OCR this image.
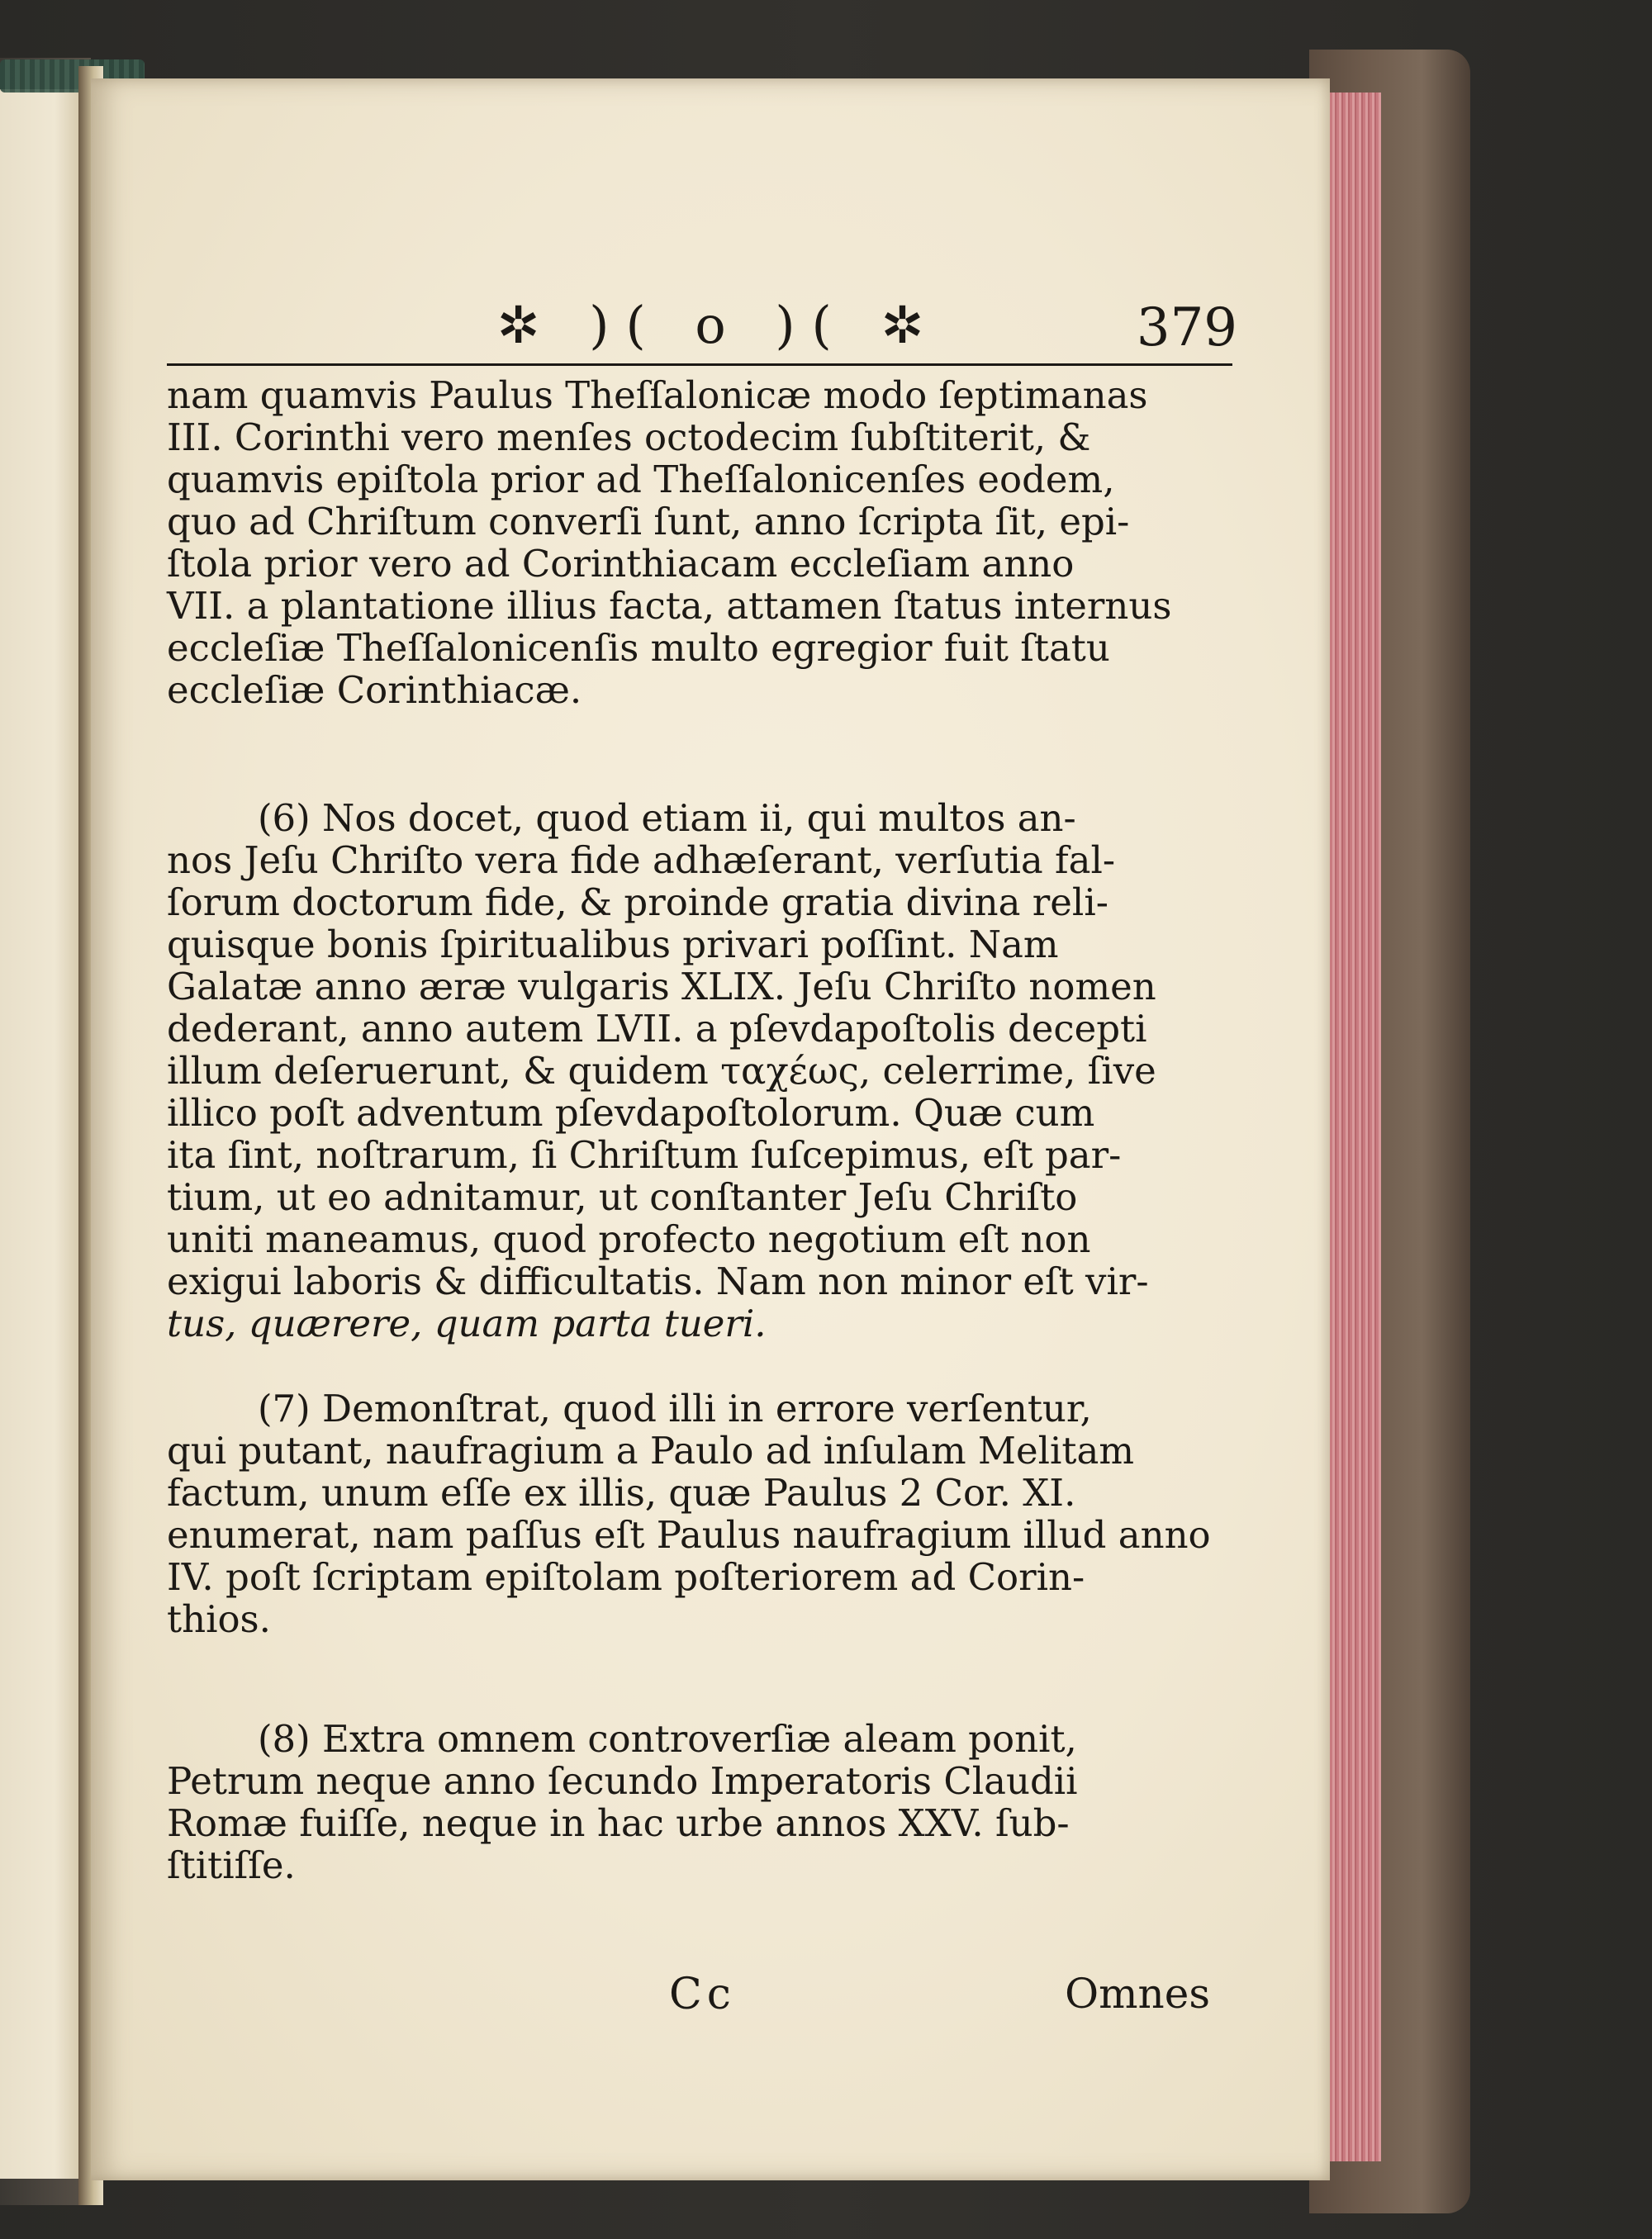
✲ )( o )( ✲	379

nam quamvis Paulus Theſſalonicæ modo ſeptimanas

III. Corinthi vero menſes octodecim ſubſtiterit, &

quamvis epiſtola prior ad Theſſalonicenſes eodem,

quo ad Chriſtum converſi ſunt, anno ſcripta ſit, epi-

ſtola prior vero ad Corinthiacam eccleſiam anno

VII. a plantatione illius facta, attamen ſtatus internus

eccleſiæ Theſſalonicenſis multo egregior fuit ſtatu

eccleſiæ Corinthiacæ.

(6) Nos docet, quod etiam ii, qui multos an-

nos Jeſu Chriſto vera fide adhæſerant, verſutia fal-

ſorum doctorum fide, & proinde gratia divina reli-

quisque bonis ſpiritualibus privari poſſint. Nam

Galatæ anno æræ vulgaris XLIX. Jeſu Chriſto nomen

dederant, anno autem LVII. a pſevdapoſtolis decepti

illum deſeruerunt, & quidem ταχέως, celerrime, ſive

illico poſt adventum pſevdapoſtolorum. Quæ cum

ita ſint, noſtrarum, ſi Chriſtum ſuſcepimus, eſt par-

tium, ut eo adnitamur, ut conſtanter Jeſu Chriſto

uniti maneamus, quod profecto negotium eſt non

exigui laboris & difficultatis. Nam non minor eſt vir-

tus, quærere, quam parta tueri.

(7) Demonſtrat, quod illi in errore verſentur,

qui putant, naufragium a Paulo ad inſulam Melitam

factum, unum eſſe ex illis, quæ Paulus 2 Cor. XI.

enumerat, nam paſſus eſt Paulus naufragium illud anno

IV. poſt ſcriptam epiſtolam poſteriorem ad Corin-

thios.

(8) Extra omnem controverſiæ aleam ponit,

Petrum neque anno ſecundo Imperatoris Claudii

Romæ fuiſſe, neque in hac urbe annos XXV. ſub-

ſtitiſſe.

Cc	Omnes
